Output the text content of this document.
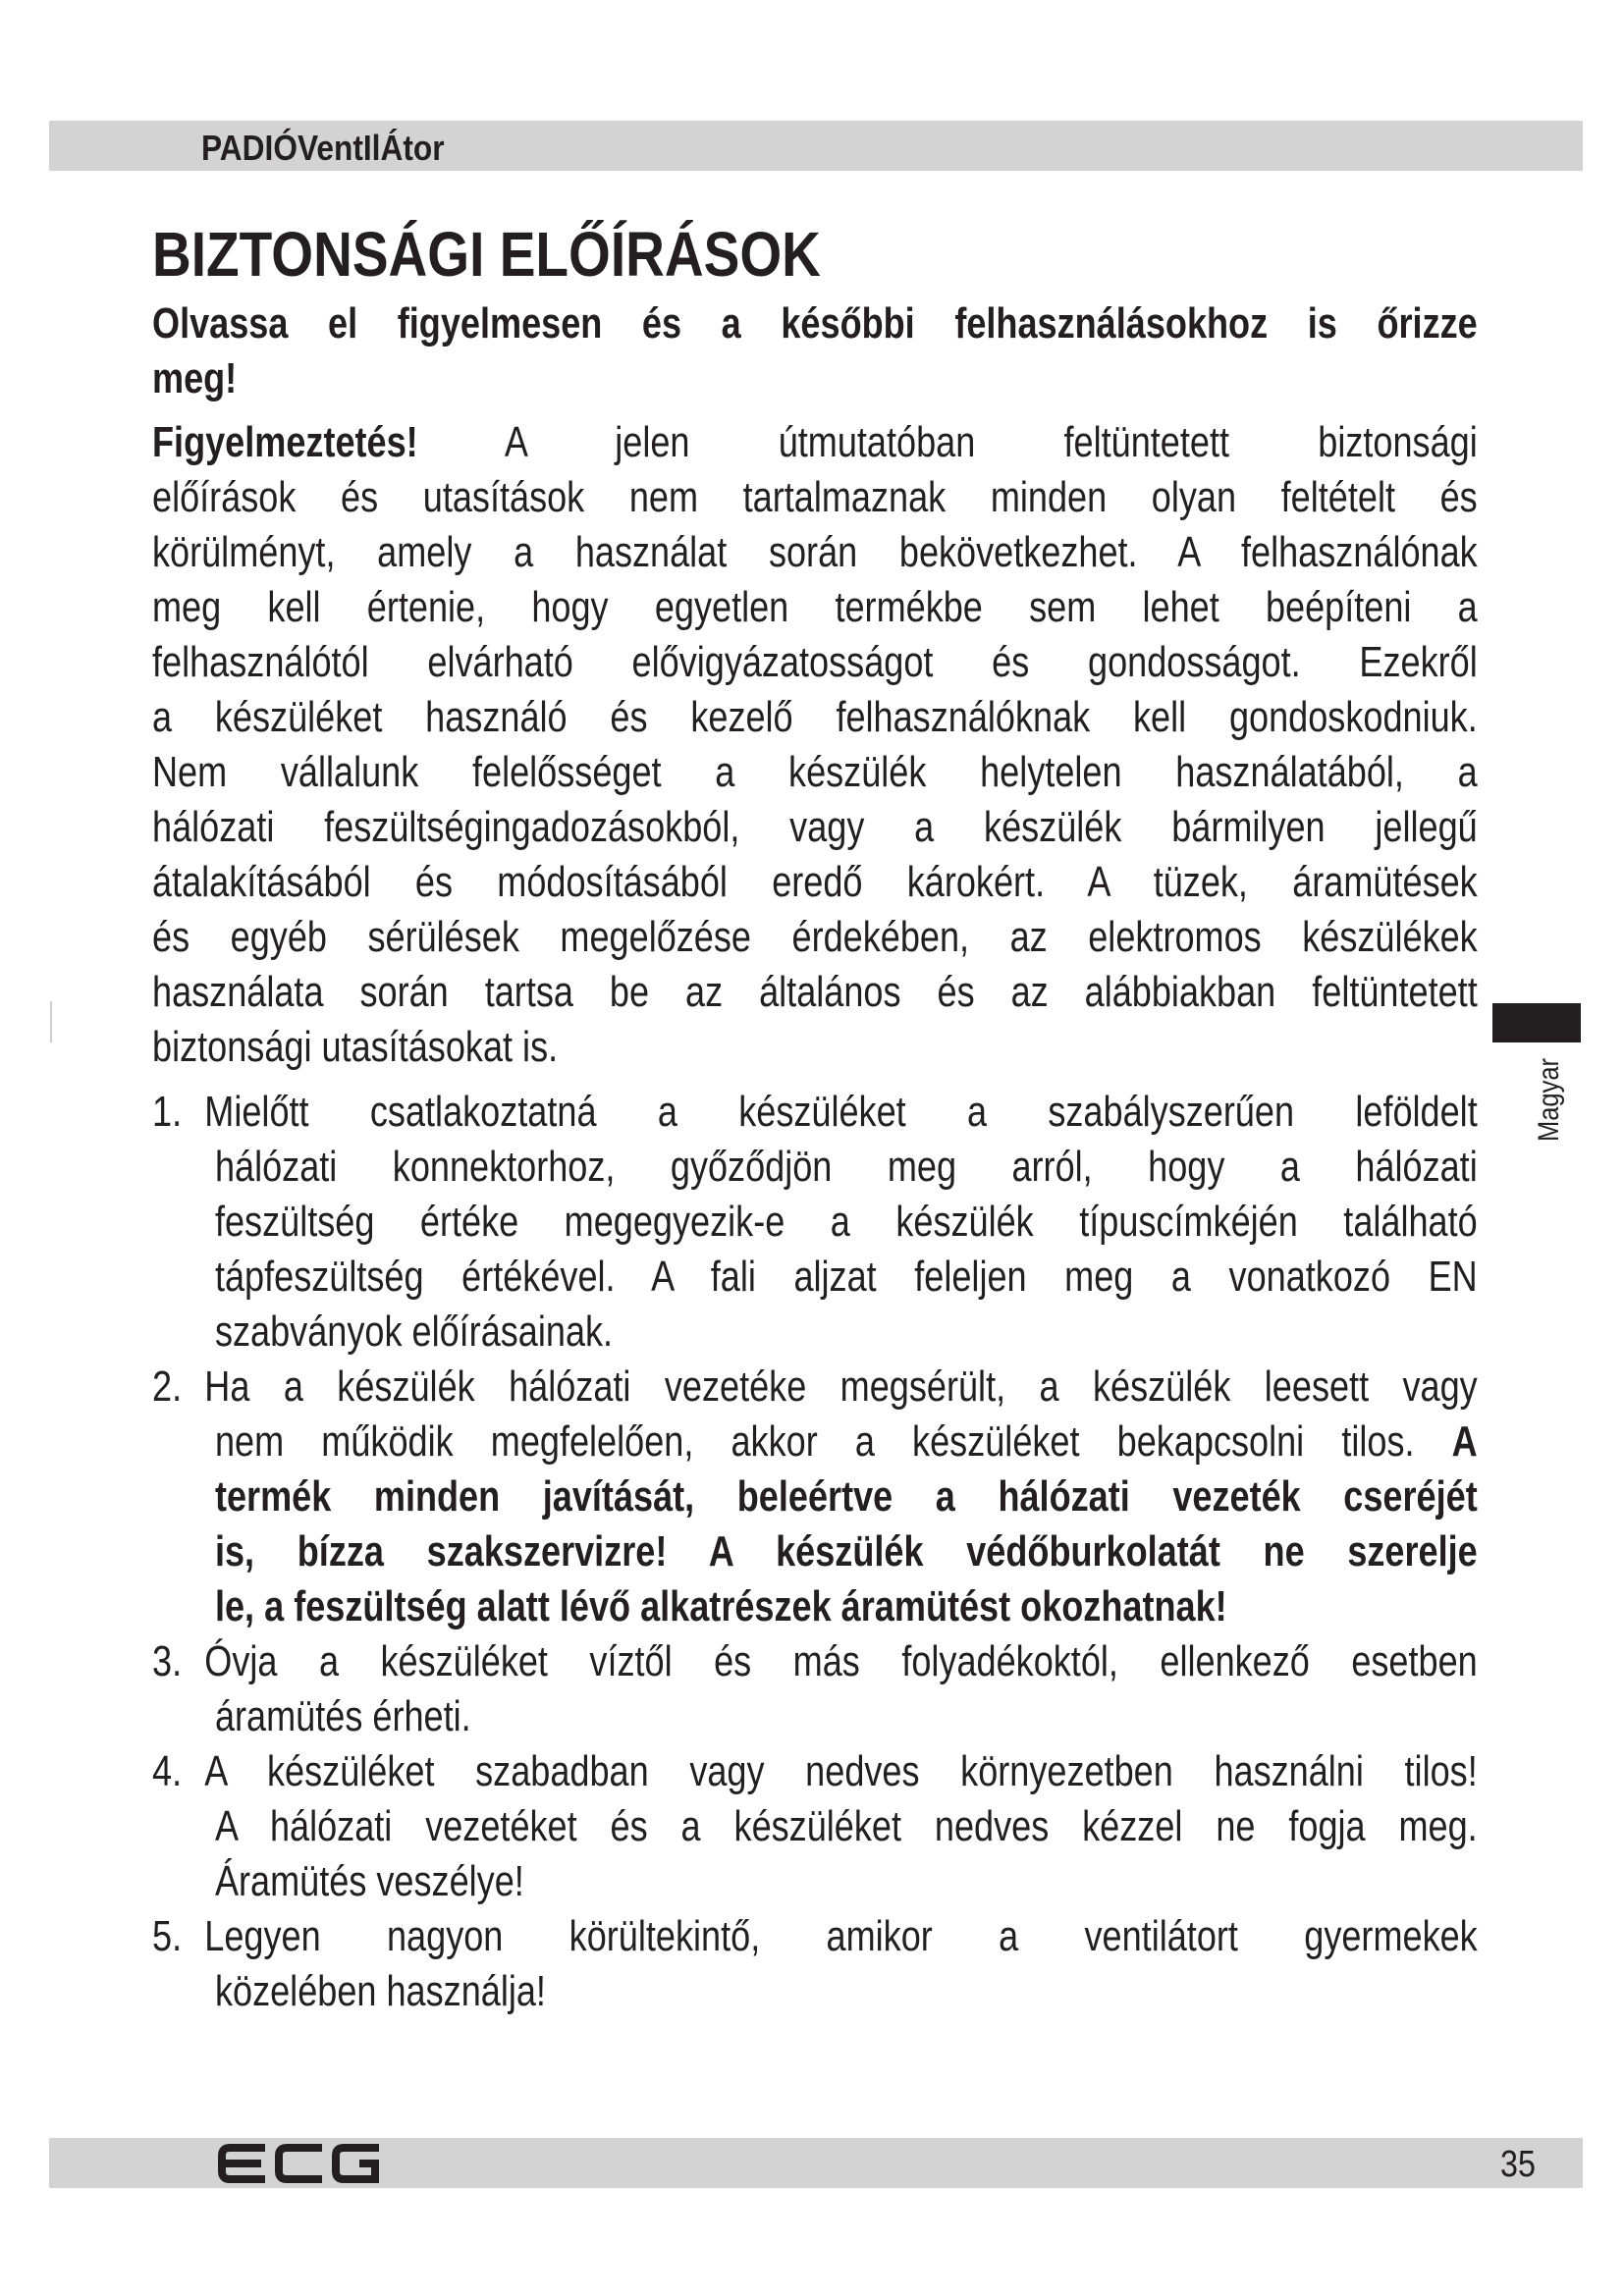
PADIÓVentIlÁtor
BIZTONSÁGI ELŐÍRÁSOK
Olvassa el figyelmesen és a későbbi felhasználásokhoz is őrizze
meg!
Figyelmeztetés! A jelen útmutatóban feltüntetett biztonsági
előírások és utasítások nem tartalmaznak minden olyan feltételt és
körülményt, amely a használat során bekövetkezhet. A felhasználónak
meg kell értenie, hogy egyetlen termékbe sem lehet beépíteni a
felhasználótól elvárható elővigyázatosságot és gondosságot. Ezekről
a készüléket használó és kezelő felhasználóknak kell gondoskodniuk.
Nem vállalunk felelősséget a készülék helytelen használatából, a
hálózati feszültségingadozásokból, vagy a készülék bármilyen jellegű
átalakításából és módosításából eredő károkért. A tüzek, áramütések
és egyéb sérülések megelőzése érdekében, az elektromos készülékek
használata során tartsa be az általános és az alábbiakban feltüntetett
biztonsági utasításokat is.
1. Mielőtt csatlakoztatná a készüléket a szabályszerűen leföldelt
hálózati konnektorhoz, győződjön meg arról, hogy a hálózati
feszültség értéke megegyezik-e a készülék típuscímkéjén található
tápfeszültség értékével. A fali aljzat feleljen meg a vonatkozó EN
szabványok előírásainak.
2. Ha a készülék hálózati vezetéke megsérült, a készülék leesett vagy
nem működik megfelelően, akkor a készüléket bekapcsolni tilos. A
termék minden javítását, beleértve a hálózati vezeték cseréjét
is, bízza szakszervizre! A készülék védőburkolatát ne szerelje
le, a feszültség alatt lévő alkatrészek áramütést okozhatnak!
3. Óvja a készüléket víztől és más folyadékoktól, ellenkező esetben
áramütés érheti.
4. A készüléket szabadban vagy nedves környezetben használni tilos!
A hálózati vezetéket és a készüléket nedves kézzel ne fogja meg.
Áramütés veszélye!
5. Legyen nagyon körültekintő, amikor a ventilátort gyermekek
közelében használja!
Magyar
35
